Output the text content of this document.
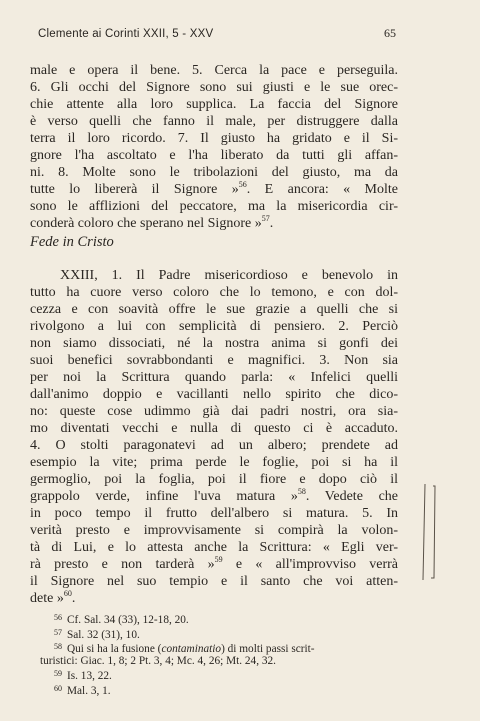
Clemente ai Corinti XXII, 5 - XXV	65
male e opera il bene. 5. Cerca la pace e perseguila.
6. Gli occhi del Signore sono sui giusti e le sue orec-
chie attente alla loro supplica. La faccia del Signore
è verso quelli che fanno il male, per distruggere dalla
terra il loro ricordo. 7. Il giusto ha gridato e il Si-
gnore l'ha ascoltato e l'ha liberato da tutti gli affan-
ni. 8. Molte sono le tribolazioni del giusto, ma da
tutte lo libererà il Signore »$^{56}$. E ancora: « Molte
sono le afflizioni del peccatore, ma la misericordia cir-
conderà coloro che sperano nel Signore »$^{57}$.
Fede in Cristo
XXIII, 1. Il Padre misericordioso e benevolo in
tutto ha cuore verso coloro che lo temono, e con dol-
cezza e con soavità offre le sue grazie a quelli che si
rivolgono a lui con semplicità di pensiero. 2. Perciò
non siamo dissociati, né la nostra anima si gonfi dei
suoi benefici sovrabbondanti e magnifici. 3. Non sia
per noi la Scrittura quando parla: « Infelici quelli
dall'animo doppio e vacillanti nello spirito che dico-
no: queste cose udimmo già dai padri nostri, ora sia-
mo diventati vecchi e nulla di questo ci è accaduto.
4. O stolti paragonatevi ad un albero; prendete ad
esempio la vite; prima perde le foglie, poi si ha il
germoglio, poi la foglia, poi il fiore e dopo ciò il
grappolo verde, infine l'uva matura »$^{58}$. Vedete che
in poco tempo il frutto dell'albero si matura. 5. In
verità presto e improvvisamente si compirà la volon-
tà di Lui, e lo attesta anche la Scrittura: « Egli ver-
rà presto e non tarderà »$^{59}$ e « all'improvviso verrà
il Signore nel suo tempio e il santo che voi atten-
dete »$^{60}$.
$^{56}$ Cf. Sal. 34 (33), 12-18, 20.
$^{57}$ Sal. 32 (31), 10.
$^{58}$ Qui si ha la fusione (contaminatio) di molti passi scrit-
turistici: Giac. 1, 8; 2 Pt. 3, 4; Mc. 4, 26; Mt. 24, 32.
$^{59}$ Is. 13, 22.
$^{60}$ Mal. 3, 1.
